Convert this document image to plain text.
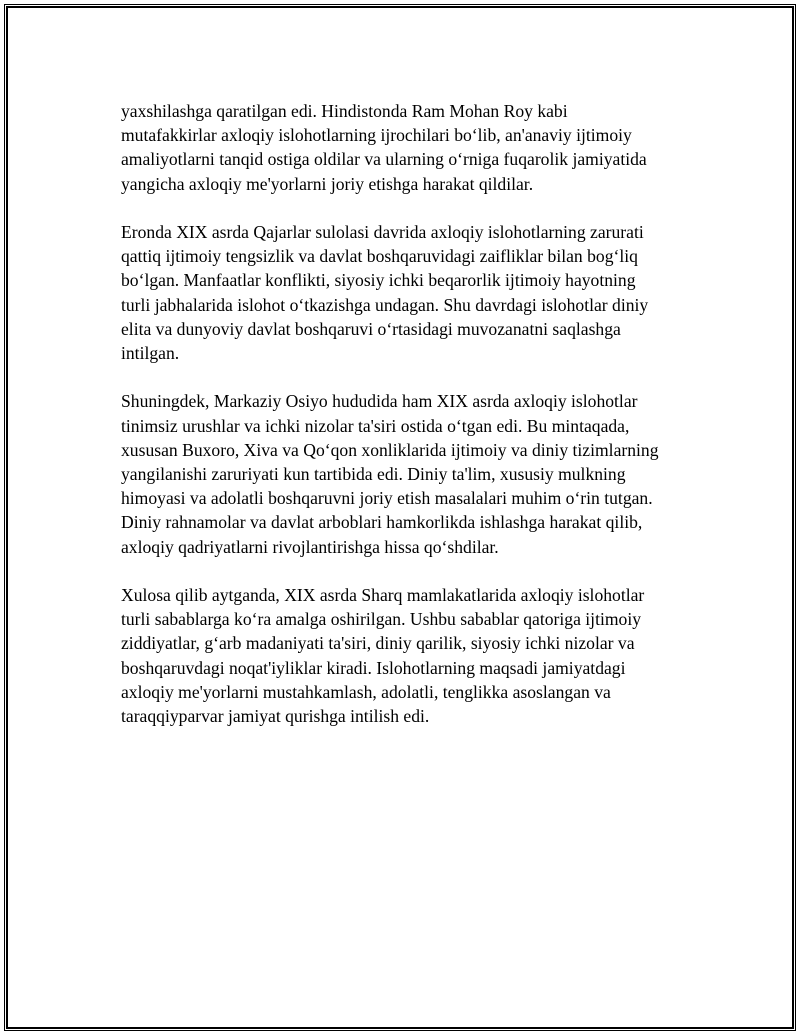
yaxshilashga qaratilgan edi. Hindistonda Ram Mohan Roy kabi
mutafakkirlar axloqiy islohotlarning ijrochilari bo‘lib, an'anaviy ijtimoiy
amaliyotlarni tanqid ostiga oldilar va ularning o‘rniga fuqarolik jamiyatida
yangicha axloqiy me'yorlarni joriy etishga harakat qildilar.

Eronda XIX asrda Qajarlar sulolasi davrida axloqiy islohotlarning zarurati
qattiq ijtimoiy tengsizlik va davlat boshqaruvidagi zaifliklar bilan bog‘liq
bo‘lgan. Manfaatlar konflikti, siyosiy ichki beqarorlik ijtimoiy hayotning
turli jabhalarida islohot o‘tkazishga undagan. Shu davrdagi islohotlar diniy
elita va dunyoviy davlat boshqaruvi o‘rtasidagi muvozanatni saqlashga
intilgan.

Shuningdek, Markaziy Osiyo hududida ham XIX asrda axloqiy islohotlar
tinimsiz urushlar va ichki nizolar ta'siri ostida o‘tgan edi. Bu mintaqada,
xususan Buxoro, Xiva va Qo‘qon xonliklarida ijtimoiy va diniy tizimlarning
yangilanishi zaruriyati kun tartibida edi. Diniy ta'lim, xususiy mulkning
himoyasi va adolatli boshqaruvni joriy etish masalalari muhim o‘rin tutgan.
Diniy rahnamolar va davlat arboblari hamkorlikda ishlashga harakat qilib,
axloqiy qadriyatlarni rivojlantirishga hissa qo‘shdilar.

Xulosa qilib aytganda, XIX asrda Sharq mamlakatlarida axloqiy islohotlar
turli sabablarga ko‘ra amalga oshirilgan. Ushbu sabablar qatoriga ijtimoiy
ziddiyatlar, g‘arb madaniyati ta'siri, diniy qarilik, siyosiy ichki nizolar va
boshqaruvdagi noqat'iyliklar kiradi. Islohotlarning maqsadi jamiyatdagi
axloqiy me'yorlarni mustahkamlash, adolatli, tenglikka asoslangan va
taraqqiyparvar jamiyat qurishga intilish edi.
